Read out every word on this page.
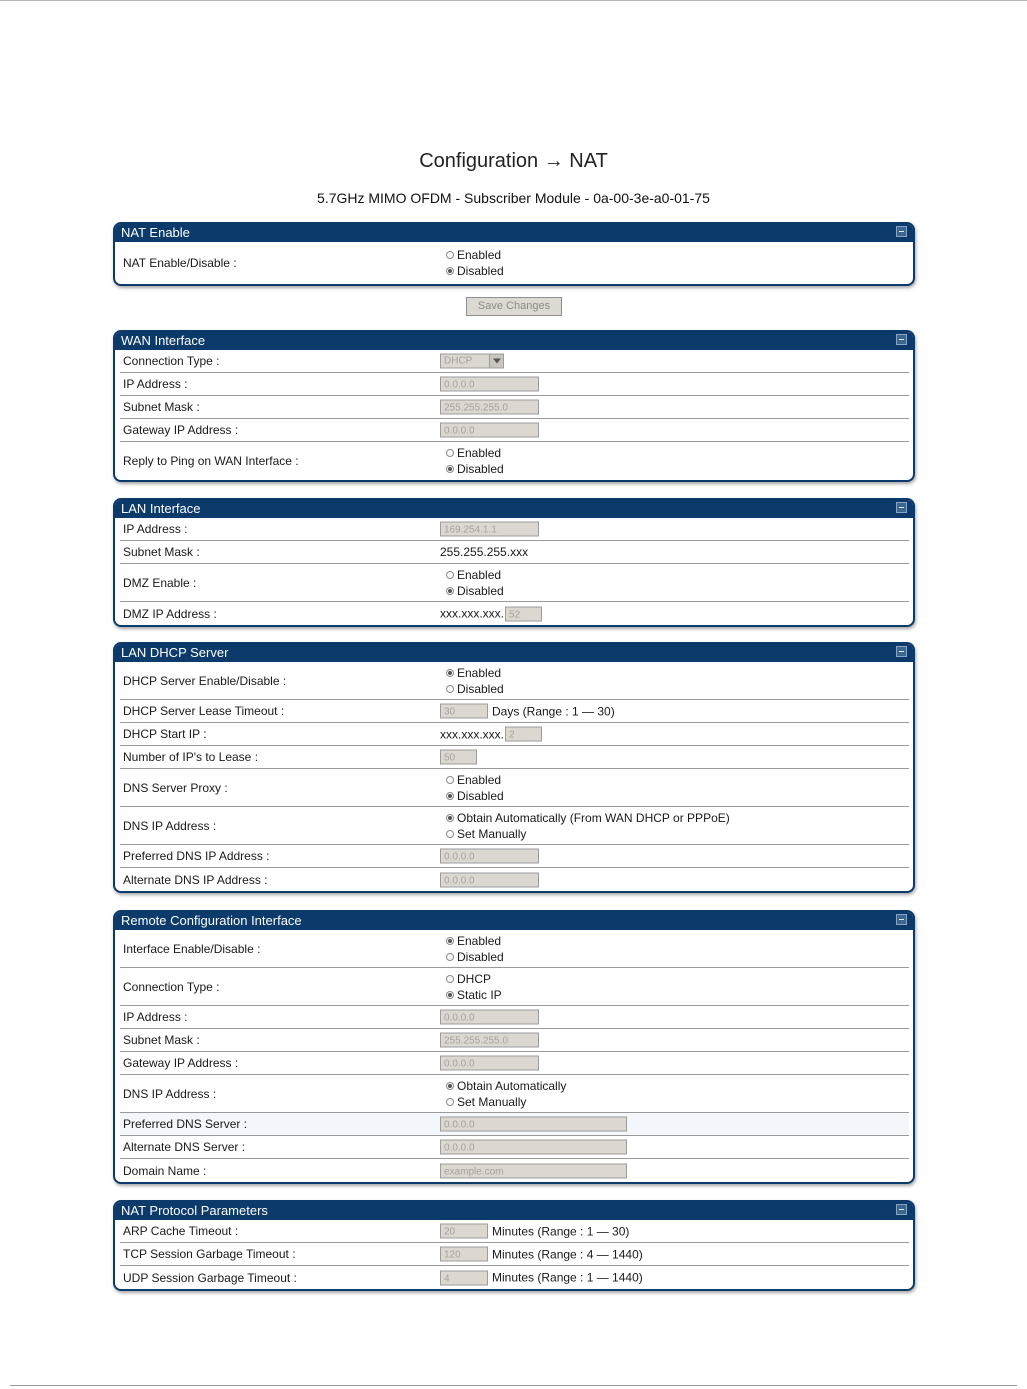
Configuration → NAT
5.7GHz MIMO OFDM - Subscriber Module - 0a-00-3e-a0-01-75
NAT Enable
NAT Enable/Disable :
Enabled
Disabled
Save Changes
WAN Interface
Connection Type :	DHCP
IP Address :	0.0.0.0
Subnet Mask :	255.255.255.0
Gateway IP Address :	0.0.0.0
Reply to Ping on WAN Interface :
Enabled
Disabled
LAN Interface
IP Address :	169.254.1.1
Subnet Mask :	255.255.255.xxx
DMZ Enable :
Enabled
Disabled
DMZ IP Address :	xxx.xxx.xxx. 52
LAN DHCP Server
DHCP Server Enable/Disable :
Enabled
Disabled
DHCP Server Lease Timeout :	30	Days (Range : 1 — 30)
DHCP Start IP :	xxx.xxx.xxx. 2
Number of IP's to Lease :	50
DNS Server Proxy :
Enabled
Disabled
DNS IP Address :
Obtain Automatically (From WAN DHCP or PPPoE)
Set Manually
Preferred DNS IP Address :	0.0.0.0
Alternate DNS IP Address :	0.0.0.0
Remote Configuration Interface
Interface Enable/Disable :
Enabled
Disabled
Connection Type :
DHCP
Static IP
IP Address :	0.0.0.0
Subnet Mask :	255.255.255.0
Gateway IP Address :	0.0.0.0
DNS IP Address :
Obtain Automatically
Set Manually
Preferred DNS Server :	0.0.0.0
Alternate DNS Server :	0.0.0.0
Domain Name :	example.com
NAT Protocol Parameters
ARP Cache Timeout :	20	Minutes (Range : 1 — 30)
TCP Session Garbage Timeout :	120	Minutes (Range : 4 — 1440)
UDP Session Garbage Timeout :	4	Minutes (Range : 1 — 1440)
